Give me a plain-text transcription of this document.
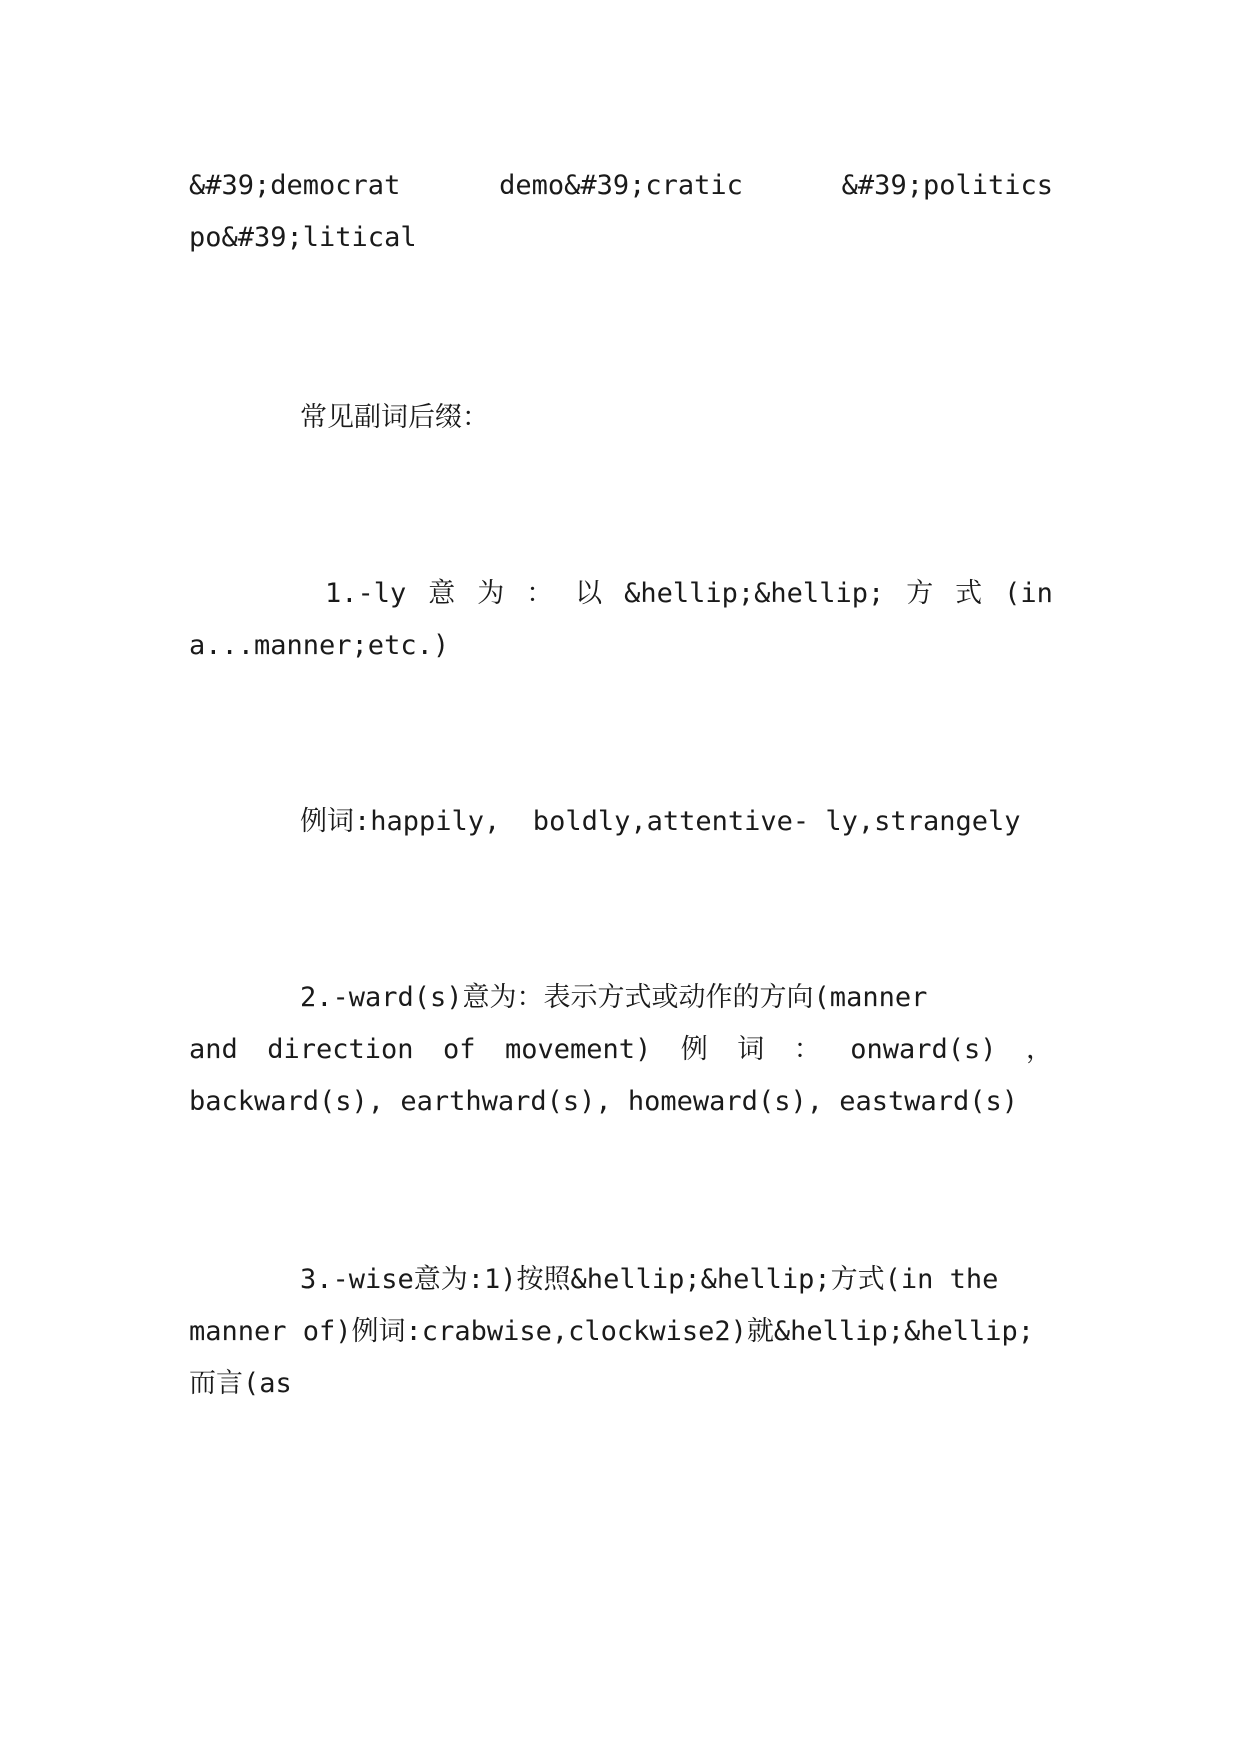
&#39;democrat	demo&#39;cratic	&#39;politics
po&#39;litical
常见副词后缀：
1.-ly 意 为 ： 以 &hellip;&hellip; 方 式 (in
a...manner;etc.)
例词:happily,  boldly,attentive- ly,strangely
2.-ward(s)意为：表示方式或动作的方向(manner
and direction of movement) 例 词 ： onward(s) ，
backward(s), earthward(s), homeward(s), eastward(s)
3.-wise意为:1)按照&hellip;&hellip;方式(in the
manner of)例词:crabwise,clockwise2)就&hellip;&hellip;
而言(as
